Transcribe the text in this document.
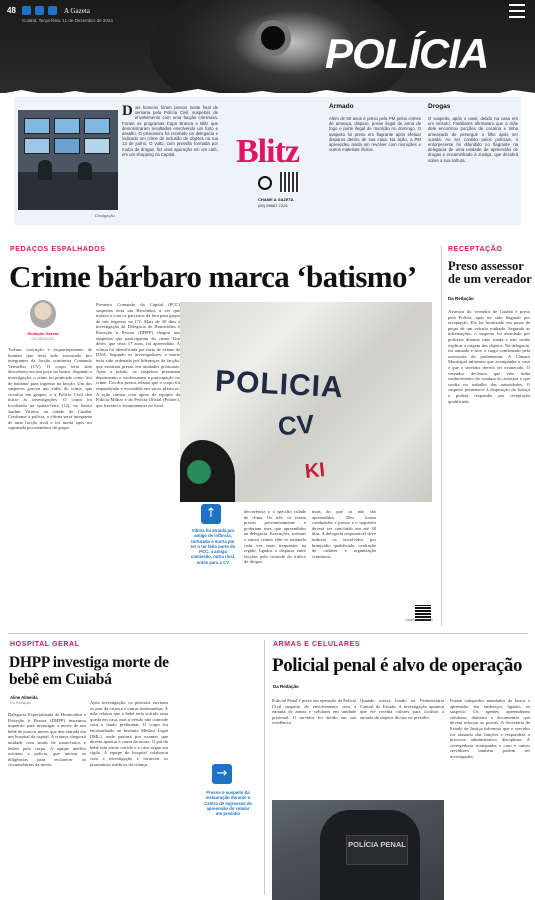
48	A Gazeta
Cuiabá, Terça-feira, 11 de Dezembro de 2024
POLÍCIA
Divulgação
Dois homens foram presos neste final de semana pela Polícia Civil, suspeitos de envolvimento com uma facção criminosa. Foram os programas Capa Branca e Blitz que demonstraram resultados envolvendo um furto e assalto. O prisioneiro foi recebido na delegacia e indicado um crime de inclusão de objetos na rua 13 de junho. O vulto, com pressão formada por roubo de drogas, fez uma apuração em um café, em um shopping na Capital.	Blitz
CHAME A GAZETA
(65) 99887-7226
Armado	Drogas
Além de 50 anos é preso pela PM pelos crimes de ameaça, disparo, posse ilegal de arma de fogo e porte ilegal de munição no domingo. O suspeito foi preso em flagrante após efetuar disparos dentro de sua casa. Na ação, a PM apreendeu ainda um revólver com munições e outros materiais ilícitos.
O suspeito, após o ouvir, detido na casa em um veículo. Familiares afirmaram que a mãe dele encontrou porções de cocaína e tinha ameaçado de perseguir o filho após ser ouvida. Ao ser contido pelos policiais, o entorpecente foi difundido no flagrante na delegacia de uma unidade de apreensão de drogas e encaminhado à Justiça, que decidirá sobre a sua soltura.
PEDAÇOS ESPALHADOS
Crime bárbaro marca ‘batismo’
Redação Gazeta
DA REDAÇÃO
Tortura, execução e esquartejamento de homem que teria sido executado por integrantes da facção criminosa Comando Vermelho (CV). O corpo teria sido descoberto em um poço no bairro. Segundo a investigação, o crime foi praticado como 'rito de batismo' para ingresso na facção. Um dos suspeitos gravou um vídeo do crime, que circulou em grupos, e a Polícia Civil deu início às investigações. O corpo foi localizado na quinta-feira (12), no bairro Jardim Vitória, na cidade de Cuiabá. Conforme a polícia, a vítima seria integrante de uma facção rival e foi morta após ser capturada por membros do grupo.
Primeiro Comando da Capital (PCC) suspeitos teria um Bivolinhu, a ver que tratava a com os parceiros da fera para grupo de nós ingresso no CV. Mais de 30 dias a investigação da Delegacia de Homicídios e Proteção à Pessoa (DHPP) chegou aos suspeitos que participaram do crime. Um deles, que teria 17 anos, foi apreendido. A vítima foi identificada por meio de exame de DNA. Segundo os investigadores, a morte teria sido ordenada por lideranças da facção, que estariam presas em unidades prisionais. Após a prisão, os suspeitos prestaram depoimento e confessaram a participação no crime. Um dos presos relatou que o corpo foi esquartejado e escondido em sacos plásticos. A ação contou com apoio de equipes da Polícia Militar e da Perícia Oficial (Politec), que fizeram o levantamento no local.
POLICIA
CV
KI
↑
Vítima foi atraída por amigo de infância, torturada e morta por ter o ter feito parte do PCC, a antiga comissão, outra rival, antes para a CV
decorrência o o specifio cidade de clima. Os três, os foram presos preventivamente e poderiam mes que apreendidos na delegacia. Execuções, torturas e outros crimes vêm se tornando cada vez mais frequentes na região, ligados a disputas entre facções pelo controle do tráfico de drogas.
mais do que os não são apreendidos. Eles foram conduzidos e presos e o inquérito deverá ser concluído em até 30 dias. A delegacia responsável deve indiciar os envolvidos por homicídio qualificado, ocultação de cadáver e organização criminosa.
ASSISTA AO VÍDEO
RECEPTAÇÃO
Preso assessor de um vereador
Da Redação
Assessor do vereador de Cuiabá é preso pela Polícia, após ter sido flagrado por receptação. Ele foi localizado em posse de peças de um veículo roubado. Segundo as informações, o suspeito foi abordado por policiais durante uma ronda e não soube explicar a origem dos objetos. Na delegacia, foi autuado e teve o cargo confirmado pela assessoria do parlamentar. A Câmara Municipal informou que acompanha o caso e que o servidor deverá ser exonerado. O vereador declarou que não tinha conhecimento da conduta do assessor e que confia no trabalho das autoridades. O suspeito permanece à disposição da Justiça e poderá responder por receptação qualificada.
HOSPITAL GERAL
DHPP investiga morte de bebê em Cuiabá
Aline Almeida
Da Redação
Delegacia Especializada de Homicídios e Proteção à Pessoa (DHPP) instaurou inquérito para investigar a morte de um bebê de poucos meses que deu entrada em um hospital da capital. A criança chegou à unidade com sinais de maus-tratos e lesões pelo corpo. A equipe médica acionou a polícia, que iniciou as diligências para esclarecer as circunstâncias da morte.
Após investigação, os policiais ouviram os pais da criança e outras testemunhas. A mãe relatou que o bebê teria sofrido uma queda em casa, mas a versão não coincide com o laudo preliminar. O corpo foi encaminhado ao Instituto Médico Legal (IML), onde passará por exames que devem apontar a causa da morte. O pai do bebê está sendo ouvido e o caso segue em sigilo. A equipe do hospital colaborou com a investigação e forneceu os prontuários médicos da criança.
→
Presos o suspeito da instauração durante o Centro de Ingressos de apreensão do celular em presídio
ARMAS E CELULARES
Policial penal é alvo de operação
Da Redação
Policial Penal é preso em operação da Polícia Civil suspeito de envolvimento com a entrada de armas e celulares em unidade prisional. O servidor foi detido em sua residência.
Quando estava lotado na Penitenciária Central do Estado. A investigação apontou que ele recebia valores para facilitar a entrada de objetos ilícitos no presídio.
Foram cumpridos mandados de busca e apreensão em endereços ligados ao suspeito. Os agentes apreenderam celulares, dinheiro e documentos que devem reforçar as provas. A Secretaria de Estado de Justiça informou que o servidor foi afastado das funções e responderá a processo administrativo disciplinar. A corregedoria acompanha o caso e outros servidores também podem ser investigados.
POLÍCIA PENAL
